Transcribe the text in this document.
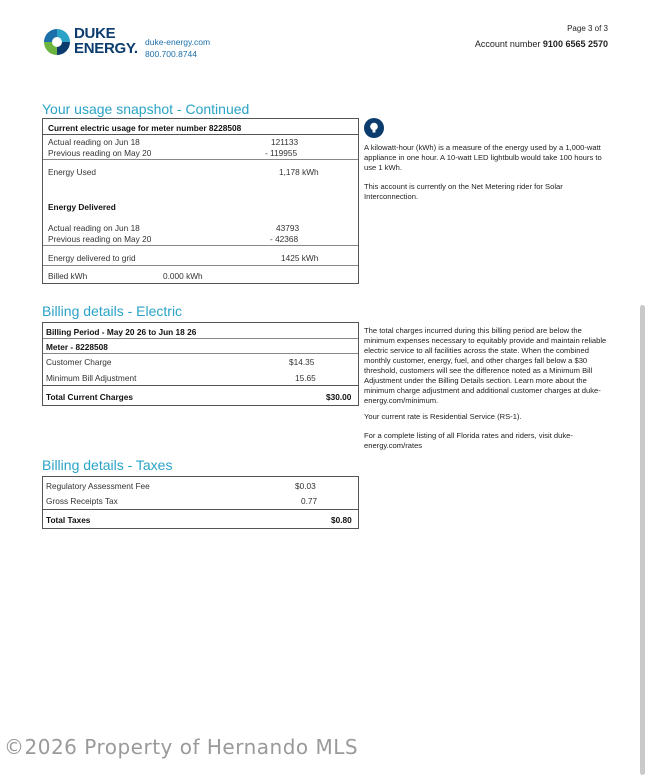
DUKE
ENERGY. duke-energy.com
800.700.8744
Page 3 of 3
Account number 9100 6565 2570
Your usage snapshot - Continued
Current electric usage for meter number 8228508
Actual reading on Jun 18	121133
Previous reading on May 20	- 119955
Energy Used	1,178 kWh
Energy Delivered
Actual reading on Jun 18	43793
Previous reading on May 20	- 42368
Energy delivered to grid	1425 kWh
Billed kWh	0.000 kWh
A kilowatt-hour (kWh) is a measure of the energy used by a 1,000-watt appliance in one hour. A 10-watt LED lightbulb would take 100 hours to use 1 kWh.
This account is currently on the Net Metering rider for Solar Interconnection.
Billing details - Electric
Billing Period - May 20 26 to Jun 18 26
Meter - 8228508
Customer Charge	$14.35
Minimum Bill Adjustment	15.65
Total Current Charges	$30.00
The total charges incurred during this billing period are below the minimum expenses necessary to equitably provide and maintain reliable electric service to all facilities across the state. When the combined monthly customer, energy, fuel, and other charges fall below a $30 threshold, customers will see the difference noted as a Minimum Bill Adjustment under the Billing Details section. Learn more about the minimum charge adjustment and additional customer charges at duke- energy.com/minimum.
Your current rate is Residential Service (RS-1).
For a complete listing of all Florida rates and riders, visit duke-energy.com/rates
Billing details - Taxes
Regulatory Assessment Fee	$0.03
Gross Receipts Tax	0.77
Total Taxes	$0.80
©2026 Property of Hernando MLS
